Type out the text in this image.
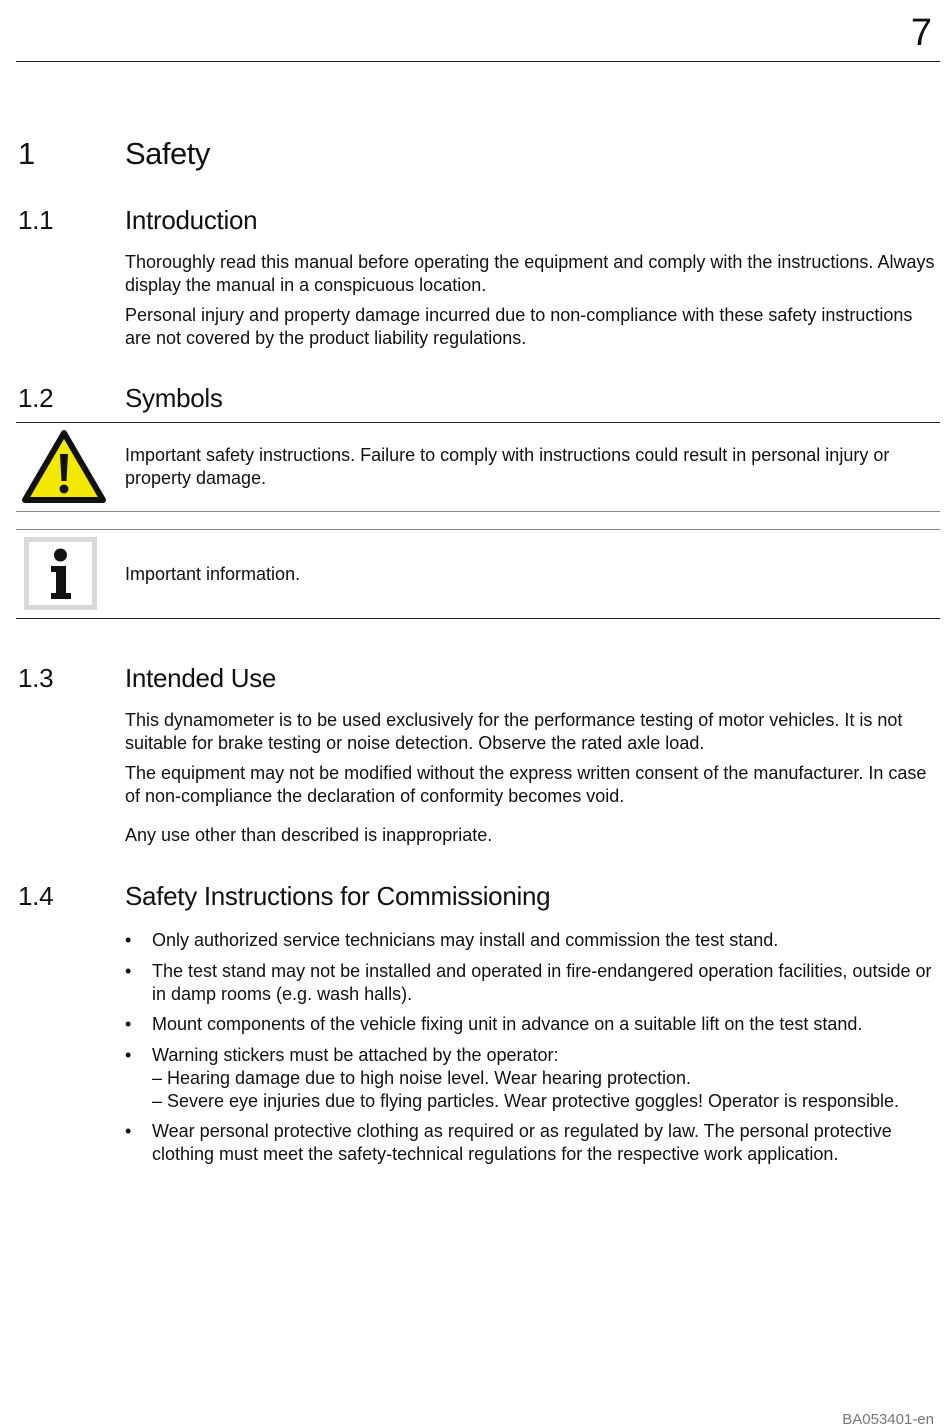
7
1	Safety
1.1	Introduction

Thoroughly read this manual before operating the equipment and comply with the instructions. Always display the manual in a conspicuous location.

Personal injury and property damage incurred due to non-compliance with these safety instructions are not covered by the product liability regulations.

1.2	Symbols

Important safety instructions. Failure to comply with instructions could result in personal injury or property damage.

Important information.

1.3	Intended Use

This dynamometer is to be used exclusively for the performance testing of motor vehicles. It is not suitable for brake testing or noise detection. Observe the rated axle load.

The equipment may not be modified without the express written consent of the manufacturer. In case of non-compliance the declaration of conformity becomes void.

Any use other than described is inappropriate.

1.4	Safety Instructions for Commissioning
• Only authorized service technicians may install and commission the test stand.
• The test stand may not be installed and operated in fire-endangered operation facilities, outside or in damp rooms (e.g. wash halls).
• Mount components of the vehicle fixing unit in advance on a suitable lift on the test stand.
• Warning stickers must be attached by the operator:
– Hearing damage due to high noise level. Wear hearing protection.
– Severe eye injuries due to flying particles. Wear protective goggles! Operator is responsible.
• Wear personal protective clothing as required or as regulated by law. The personal protective clothing must meet the safety-technical regulations for the respective work application.
BA053401-en
